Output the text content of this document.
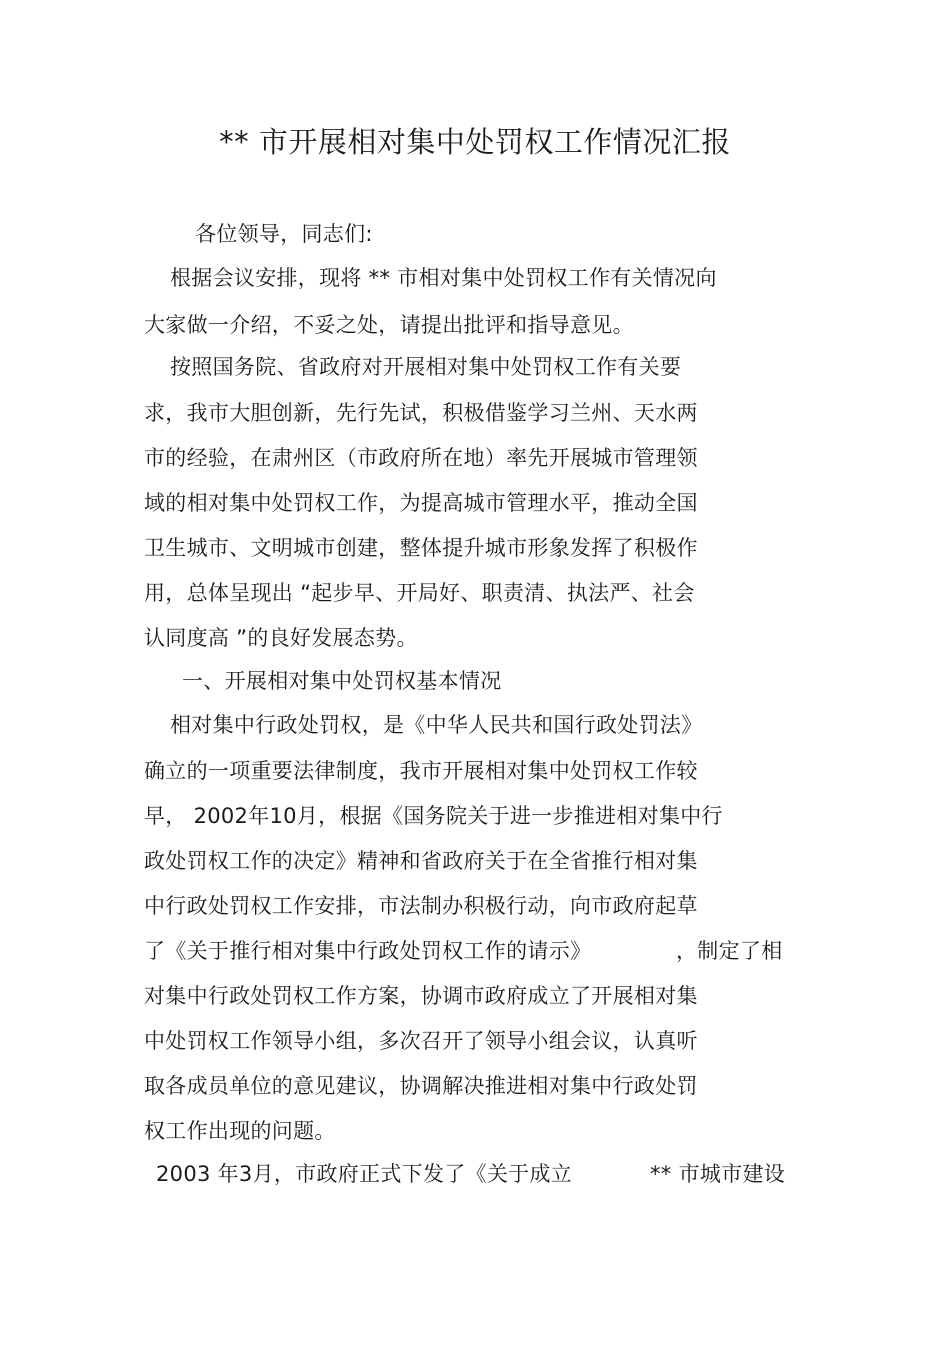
** 市开展相对集中处罚权工作情况汇报
各位领导，同志们:
根据会议安排，现将 ** 市相对集中处罚权工作有关情况向
大家做一介绍，不妥之处，请提出批评和指导意见。
按照国务院、省政府对开展相对集中处罚权工作有关要
求，我市大胆创新，先行先试，积极借鉴学习兰州、天水两
市的经验，在肃州区（市政府所在地）率先开展城市管理领
域的相对集中处罚权工作，为提高城市管理水平，推动全国
卫生城市、文明城市创建，整体提升城市形象发挥了积极作
用，总体呈现出 “起步早、开局好、职责清、执法严、社会
认同度高 ”的良好发展态势。
一、开展相对集中处罚权基本情况
相对集中行政处罚权，是《中华人民共和国行政处罚法》
确立的一项重要法律制度，我市开展相对集中处罚权工作较
早， 2002年10月，根据《国务院关于进一步推进相对集中行
政处罚权工作的决定》精神和省政府关于在全省推行相对集
中行政处罚权工作安排，市法制办积极行动，向市政府起草
了《关于推行相对集中行政处罚权工作的请示》	，制定了相
对集中行政处罚权工作方案，协调市政府成立了开展相对集
中处罚权工作领导小组，多次召开了领导小组会议，认真听
取各成员单位的意见建议，协调解决推进相对集中行政处罚
权工作出现的问题。
2003 年3月，市政府正式下发了《关于成立	** 市城市建设
